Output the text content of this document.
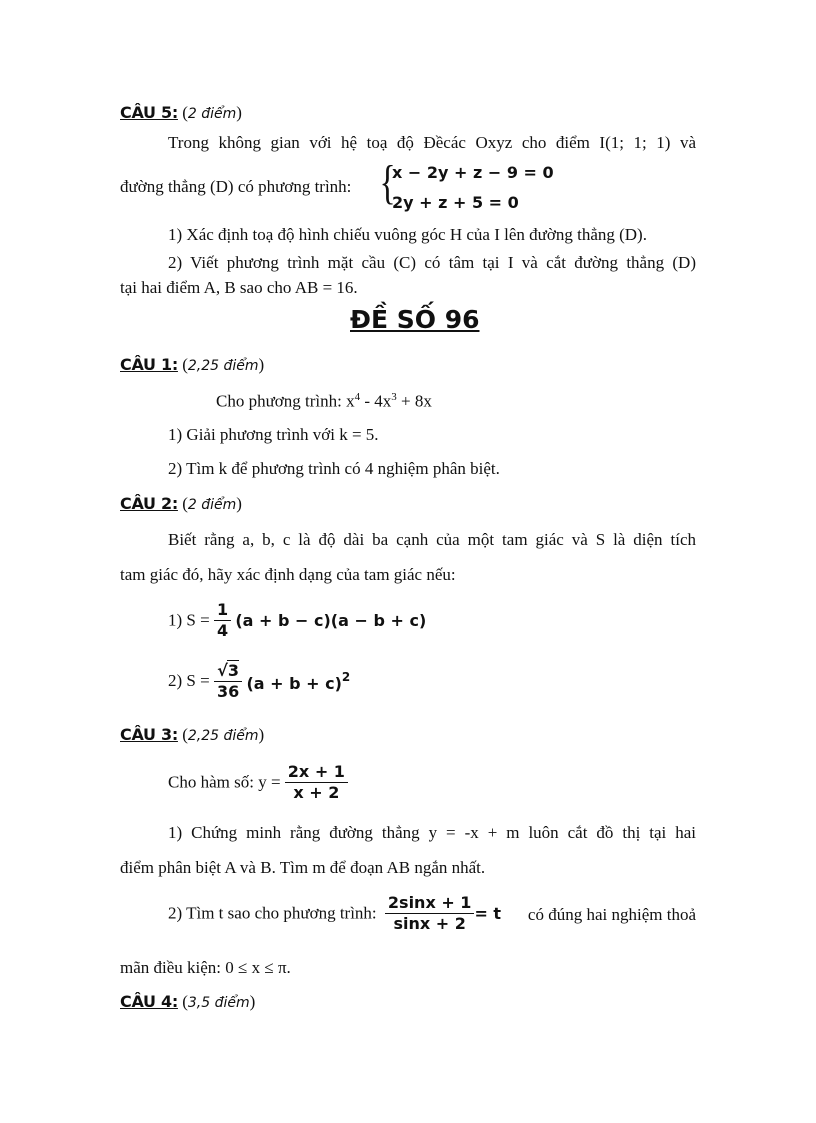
CÂU 5: (2 điểm)
Trong không gian với hệ toạ độ Đềcác Oxyz cho điểm I(1; 1; 1) và
đường thẳng (D) có phương trình: {
x − 2y + z − 9 = 0
2y + z + 5 = 0
1) Xác định toạ độ hình chiếu vuông góc H của I lên đường thẳng (D).
2) Viết phương trình mặt cầu (C) có tâm tại I và cắt đường thẳng (D)
tại hai điểm A, B sao cho AB = 16.
ĐỀ SỐ 96
CÂU 1: (2,25 điểm)
Cho phương trình: $x^4 - 4x^3 + 8x$
1) Giải phương trình với k = 5.
2) Tìm k để phương trình có 4 nghiệm phân biệt.
CÂU 2: (2 điểm)
Biết rằng a, b, c là độ dài ba cạnh của một tam giác và S là diện tích
tam giác đó, hãy xác định dạng của tam giác nếu:
1) $S = \frac{1}{4} (a + b - c)(a - b + c)$
2) $S = \frac{√3}{36} (a + b + c)^2$
CÂU 3: (2,25 điểm)
Cho hàm số: $y = \frac{2x + 1}{x + 2}$
1) Chứng minh rằng đường thẳng y = -x + m luôn cắt đồ thị tại hai
điểm phân biệt A và B. Tìm m để đoạn AB ngắn nhất.
2) Tìm t sao cho phương trình: $\frac{2\sin x + 1}{\sin x + 2} = t$ có đúng hai nghiệm thoả
mãn điều kiện: 0 ≤ x ≤ π.
CÂU 4: (3,5 điểm)
